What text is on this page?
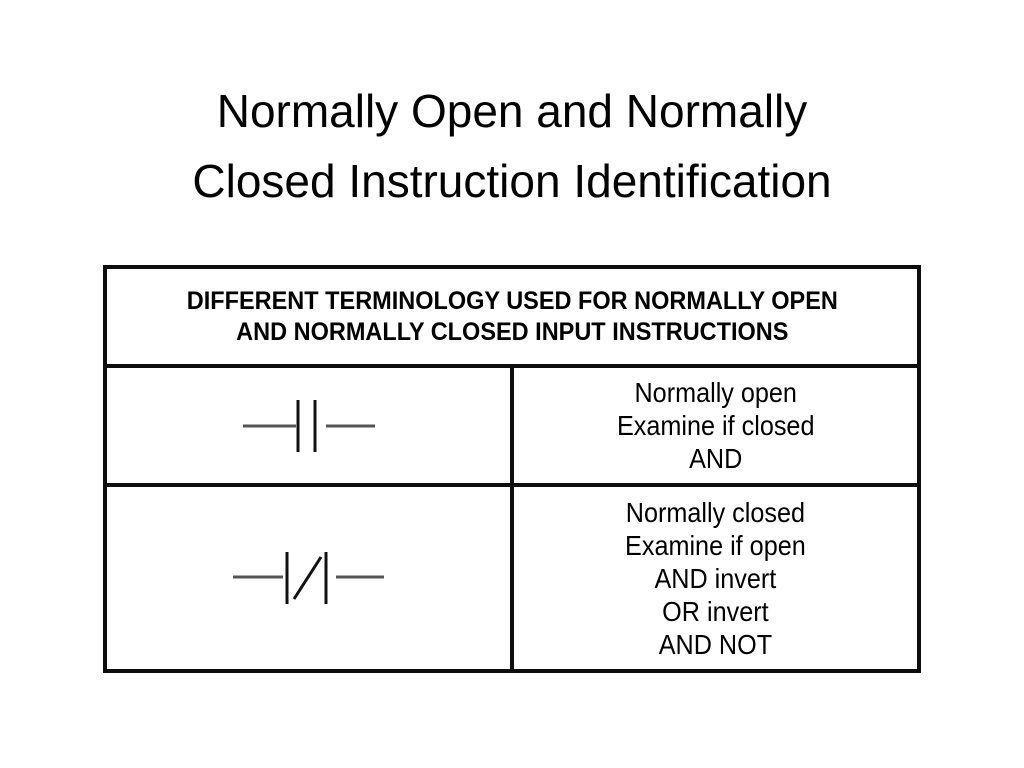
Normally Open and Normally
Closed Instruction Identification
DIFFERENT TERMINOLOGY USED FOR NORMALLY OPEN
AND NORMALLY CLOSED INPUT INSTRUCTIONS
Normally open
Examine if closed
AND
Normally closed
Examine if open
AND invert
OR invert
AND NOT
